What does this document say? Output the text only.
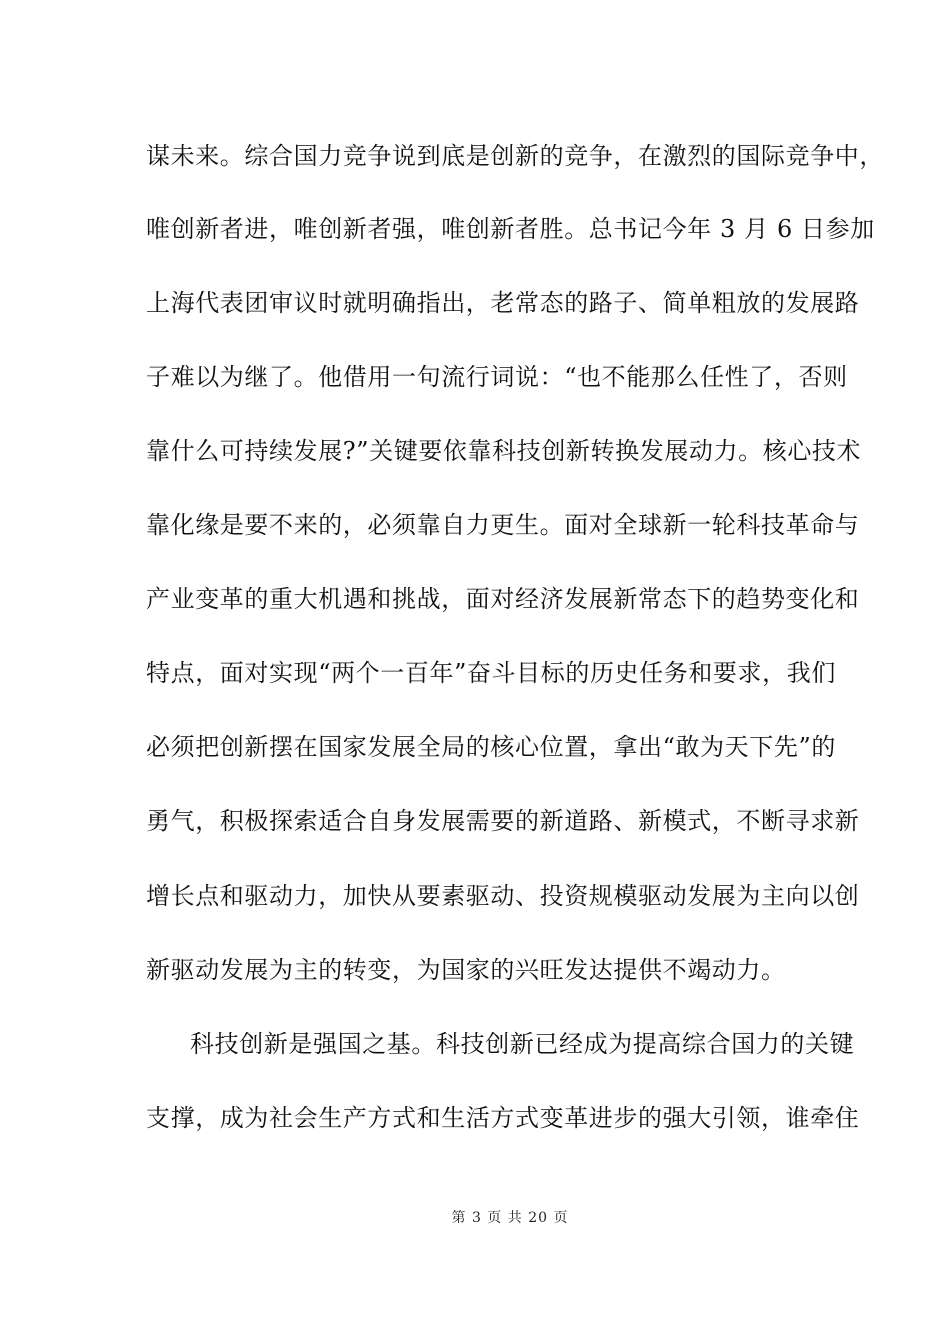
谋未来。综合国力竞争说到底是创新的竞争，在激烈的国际竞争中，
唯创新者进，唯创新者强，唯创新者胜。总书记今年 3 月 6 日参加
上海代表团审议时就明确指出，老常态的路子、简单粗放的发展路
子难以为继了。他借用一句流行词说：“也不能那么任性了，否则
靠什么可持续发展?”关键要依靠科技创新转换发展动力。核心技术
靠化缘是要不来的，必须靠自力更生。面对全球新一轮科技革命与
产业变革的重大机遇和挑战，面对经济发展新常态下的趋势变化和
特点，面对实现“两个一百年”奋斗目标的历史任务和要求，我们
必须把创新摆在国家发展全局的核心位置，拿出“敢为天下先”的
勇气，积极探索适合自身发展需要的新道路、新模式，不断寻求新
增长点和驱动力，加快从要素驱动、投资规模驱动发展为主向以创
新驱动发展为主的转变，为国家的兴旺发达提供不竭动力。
科技创新是强国之基。科技创新已经成为提高综合国力的关键
支撑，成为社会生产方式和生活方式变革进步的强大引领，谁牵住
第 3 页 共 20 页
